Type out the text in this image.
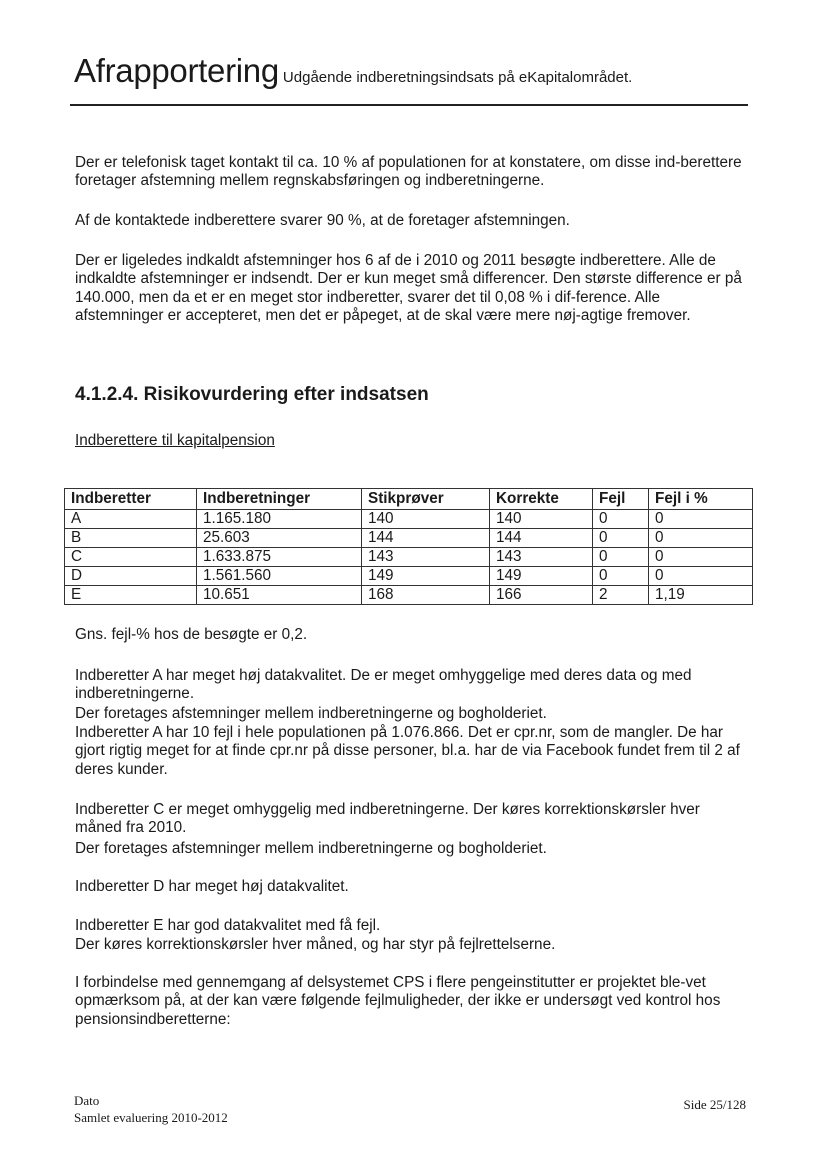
Afrapportering Udgående indberetningsindsats på eKapitalområdet.

Der er telefonisk taget kontakt til ca. 10 % af populationen for at konstatere, om disse ind-berettere foretager afstemning mellem regnskabsføringen og indberetningerne.

Af de kontaktede indberettere svarer 90 %, at de foretager afstemningen.

Der er ligeledes indkaldt afstemninger hos 6 af de i 2010 og 2011 besøgte indberettere. Alle de indkaldte afstemninger er indsendt. Der er kun meget små differencer. Den største difference er på 140.000, men da et er en meget stor indberetter, svarer det til 0,08 % i dif-ference. Alle afstemninger er accepteret, men det er påpeget, at de skal være mere nøj-agtige fremover.

4.1.2.4. Risikovurdering efter indsatsen
Indberettere til kapitalpension
Indberetter	Indberetninger	Stikprøver	Korrekte	Fejl	Fejl i %
A	1.165.180	140	140	0	0
B	25.603	144	144	0	0
C	1.633.875	143	143	0	0
D	1.561.560	149	149	0	0
E	10.651	168	166	2	1,19

Gns. fejl-% hos de besøgte er 0,2.

Indberetter A har meget høj datakvalitet. De er meget omhyggelige med deres data og med indberetningerne.

Der foretages afstemninger mellem indberetningerne og bogholderiet.

Indberetter A har 10 fejl i hele populationen på 1.076.866. Det er cpr.nr, som de mangler. De har gjort rigtig meget for at finde cpr.nr på disse personer, bl.a. har de via Facebook fundet frem til 2 af deres kunder.

Indberetter C er meget omhyggelig med indberetningerne. Der køres korrektionskørsler hver måned fra 2010.

Der foretages afstemninger mellem indberetningerne og bogholderiet.

Indberetter D har meget høj datakvalitet.

Indberetter E har god datakvalitet med få fejl.

Der køres korrektionskørsler hver måned, og har styr på fejlrettelserne.

I forbindelse med gennemgang af delsystemet CPS i flere pengeinstitutter er projektet ble-vet opmærksom på, at der kan være følgende fejlmuligheder, der ikke er undersøgt ved kontrol hos pensionsindberetterne:

Dato
Samlet evaluering 2010-2012
Side 25/128
